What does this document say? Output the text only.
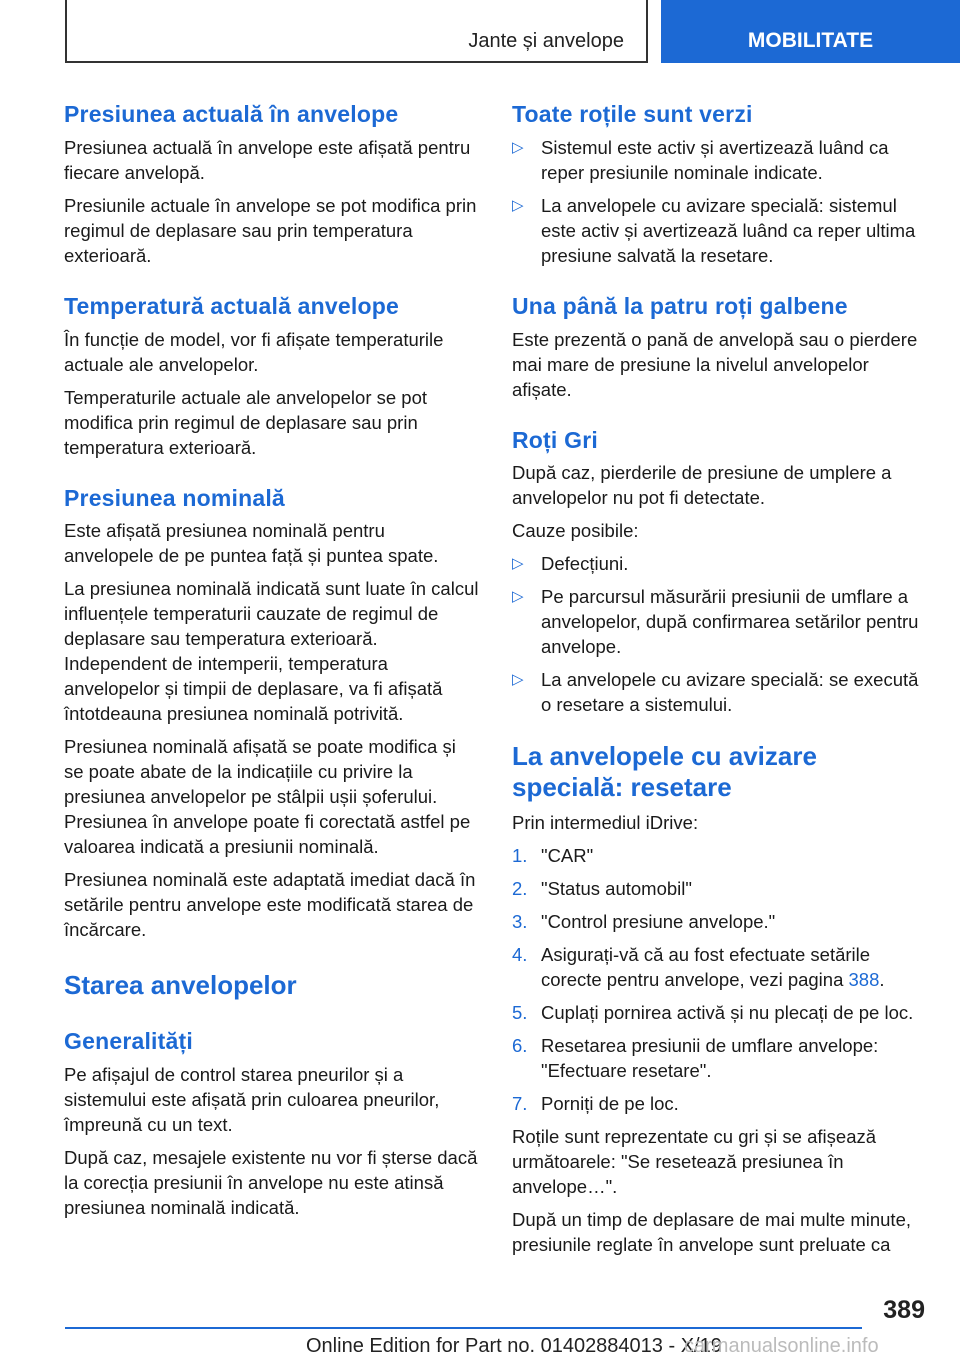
Jante și anvelope	MOBILITATE
Presiunea actuală în anvelope

Presiunea actuală în anvelope este afișată pentru fiecare anvelopă.

Presiunile actuale în anvelope se pot modifica prin regimul de deplasare sau prin temperatura exterioară.

Temperatură actuală anvelope

În funcție de model, vor fi afișate temperaturile actuale ale anvelopelor.

Temperaturile actuale ale anvelopelor se pot modifica prin regimul de deplasare sau prin temperatura exterioară.

Presiunea nominală

Este afișată presiunea nominală pentru anvelopele de pe puntea față și puntea spate.

La presiunea nominală indicată sunt luate în calcul influențele temperaturii cauzate de regimul de deplasare sau temperatura exterioară. Independent de intemperii, temperatura anvelopelor și timpii de deplasare, va fi afișată întotdeauna presiunea nominală potrivită.

Presiunea nominală afișată se poate modifica și se poate abate de la indicațiile cu privire la presiunea anvelopelor pe stâlpii ușii șoferului. Presiunea în anvelope poate fi corectată astfel pe valoarea indicată a presiunii nominală.

Presiunea nominală este adaptată imediat dacă în setările pentru anvelope este modificată starea de încărcare.

Starea anvelopelor
Generalități

Pe afișajul de control starea pneurilor și a sistemului este afișată prin culoarea pneurilor, împreună cu un text.

După caz, mesajele existente nu vor fi șterse dacă la corecția presiunii în anvelope nu este atinsă presiunea nominală indicată.

Toate roțile sunt verzi
▷ Sistemul este activ și avertizează luând ca reper presiunile nominale indicate.
▷ La anvelopele cu avizare specială: sistemul este activ și avertizează luând ca reper ultima presiune salvată la resetare.
Una până la patru roți galbene

Este prezentă o pană de anvelopă sau o pierdere mai mare de presiune la nivelul anvelopelor afișate.

Roți Gri

După caz, pierderile de presiune de umplere a anvelopelor nu pot fi detectate.

Cauze posibile:

▷ Defecțiuni.
▷ Pe parcursul măsurării presiunii de umflare a anvelopelor, după confirmarea setărilor pentru anvelope.
▷ La anvelopele cu avizare specială: se execută o resetare a sistemului.
La anvelopele cu avizare specială: resetare

Prin intermediul iDrive:

1. "CAR"
2. "Status automobil"
3. "Control presiune anvelope."
4. Asigurați-vă că au fost efectuate setările corecte pentru anvelope, vezi pagina 388.
5. Cuplați pornirea activă și nu plecați de pe loc.
6. Resetarea presiunii de umflare anvelope: "Efectuare resetare".
7. Porniți de pe loc.

Roțile sunt reprezentate cu gri și se afișează următoarele: "Se resetează presiunea în anvelope…".

După un timp de deplasare de mai multe minute, presiunile reglate în anvelope sunt preluate ca

389
Online Edition for Part no. 01402884013 - X/19
carmanualsonline.info
